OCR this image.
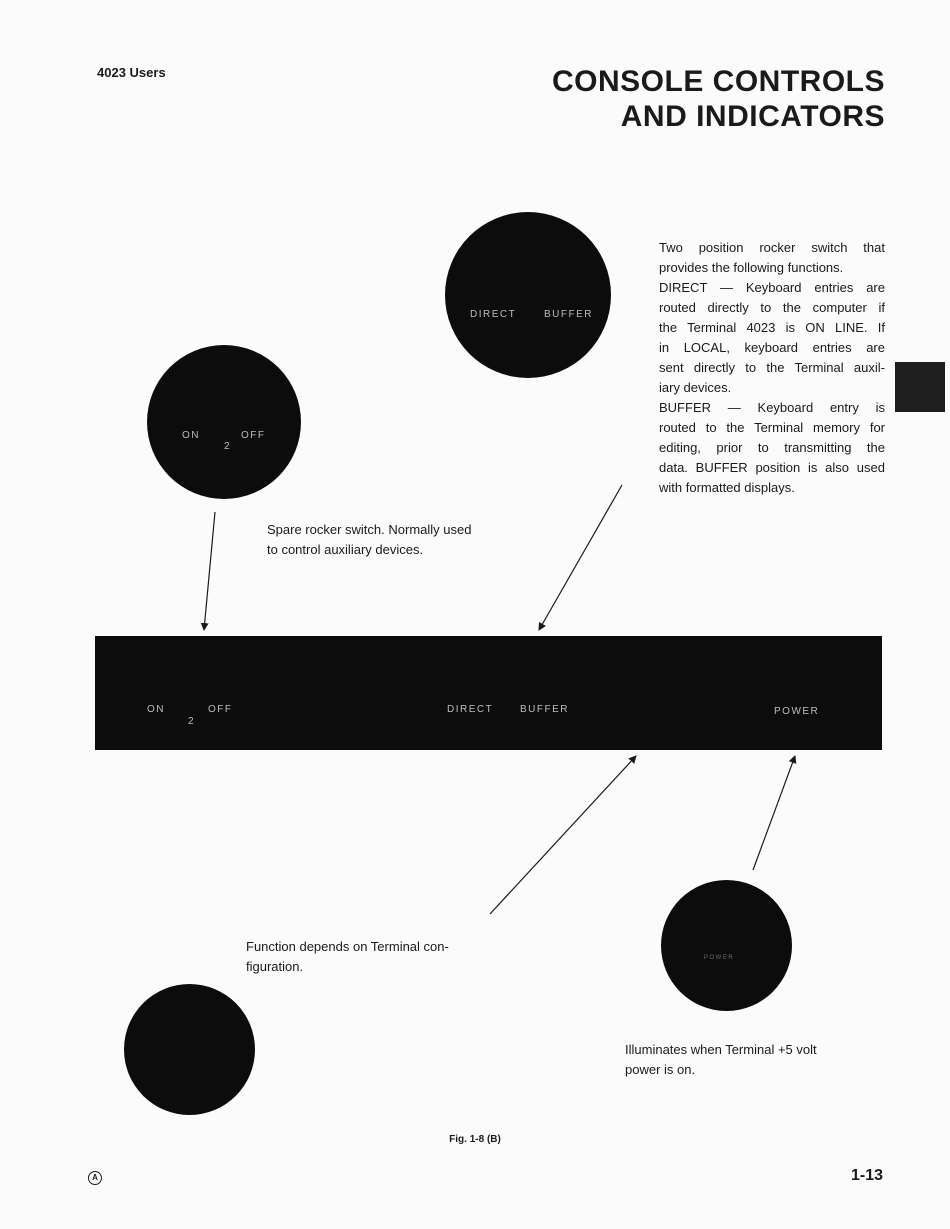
4023 Users	CONSOLE CONTROLS
AND INDICATORS
DIRECT	BUFFER
Two position rocker switch that
provides the following functions.
DIRECT — Keyboard entries are
routed directly to the computer if
the Terminal 4023 is ON LINE. If
in LOCAL, keyboard entries are
sent directly to the Terminal auxil-
iary devices.
BUFFER — Keyboard entry is
routed to the Terminal memory for
editing, prior to transmitting the
data. BUFFER position is also used
with formatted displays.
ON
2
OFF
Spare rocker switch. Normally used
to control auxiliary devices.
ON
2
OFF	DIRECT	BUFFER	POWER
Function depends on Terminal con-
figuration.
POWER
Illuminates when Terminal +5 volt
power is on.
Fig. 1-8 (B)
A	1-13
